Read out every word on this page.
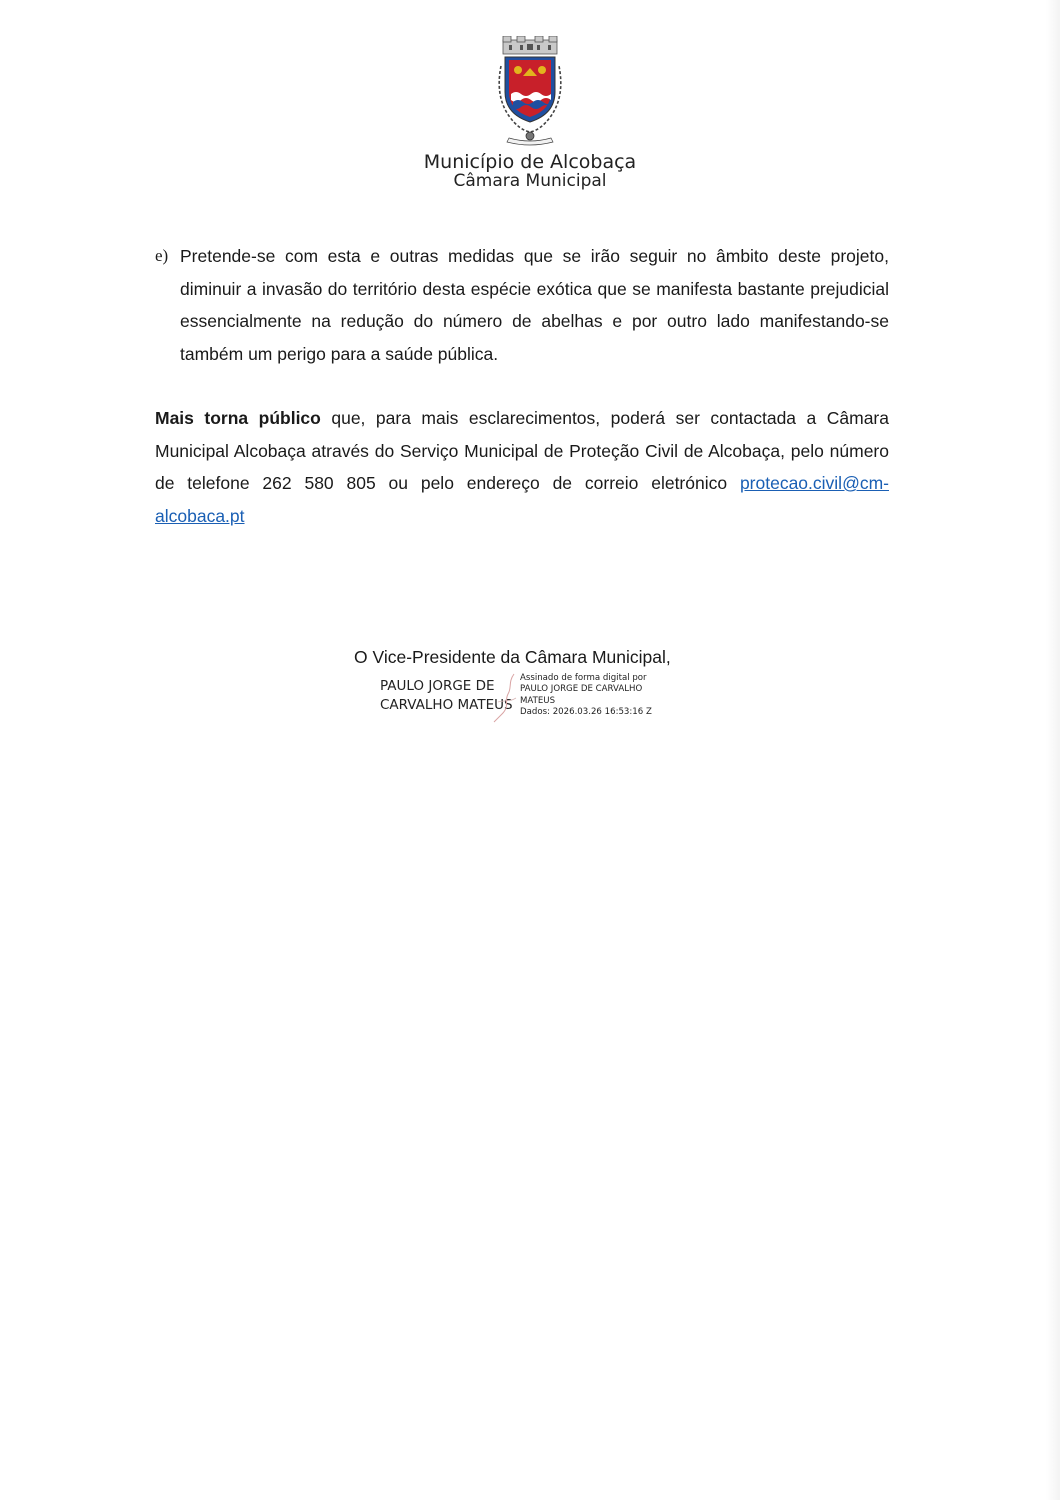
Município de Alcobaça
Câmara Municipal
e) Pretende-se com esta e outras medidas que se irão seguir no âmbito deste projeto, diminuir a invasão do território desta espécie exótica que se manifesta bastante prejudicial essencialmente na redução do número de abelhas e por outro lado manifestando-se também um perigo para a saúde pública.
Mais torna público que, para mais esclarecimentos, poderá ser contactada a Câmara Municipal Alcobaça através do Serviço Municipal de Proteção Civil de Alcobaça, pelo número de telefone 262 580 805 ou pelo endereço de correio eletrónico protecao.civil@cm-alcobaca.pt
O Vice-Presidente da Câmara Municipal,
PAULO JORGE DE
CARVALHO MATEUS
Assinado de forma digital por
PAULO JORGE DE CARVALHO
MATEUS
Dados: 2026.03.26 16:53:16 Z
